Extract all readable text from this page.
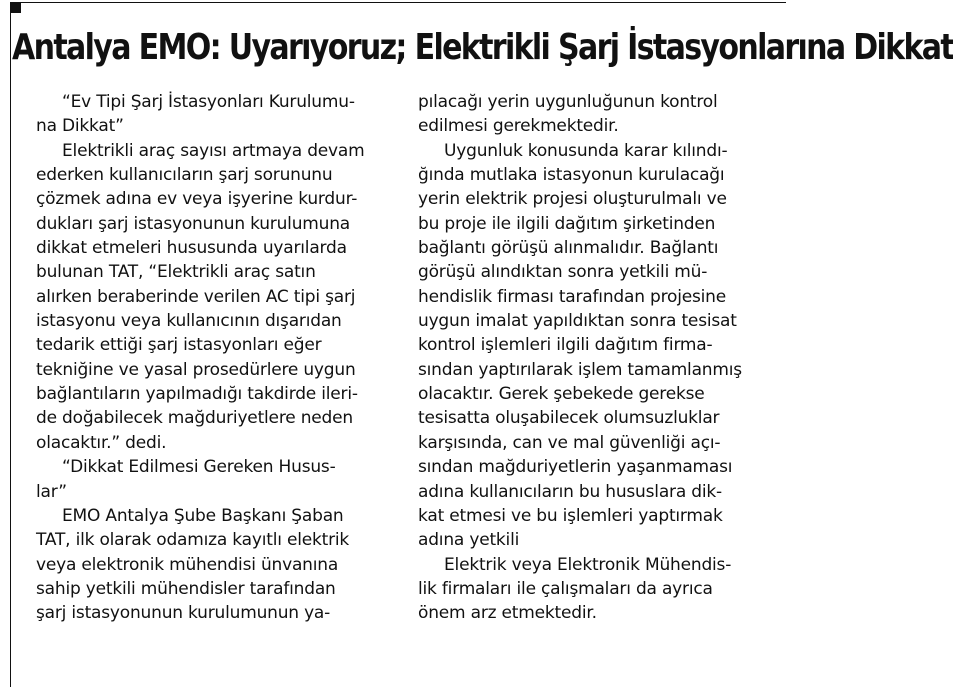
Antalya EMO: Uyarıyoruz; Elektrikli Şarj İstasyonlarına Dikkat
“Ev Tipi Şarj İstasyonları Kurulumu-
na Dikkat”
Elektrikli araç sayısı artmaya devam
ederken kullanıcıların şarj sorununu
çözmek adına ev veya işyerine kurdur-
dukları şarj istasyonunun kurulumuna
dikkat etmeleri hususunda uyarılarda
bulunan TAT, “Elektrikli araç satın
alırken beraberinde verilen AC tipi şarj
istasyonu veya kullanıcının dışarıdan
tedarik ettiği şarj istasyonları eğer
tekniğine ve yasal prosedürlere uygun
bağlantıların yapılmadığı takdirde ileri-
de doğabilecek mağduriyetlere neden
olacaktır.” dedi.
“Dikkat Edilmesi Gereken Husus-
lar”
EMO Antalya Şube Başkanı Şaban
TAT, ilk olarak odamıza kayıtlı elektrik
veya elektronik mühendisi ünvanına
sahip yetkili mühendisler tarafından
şarj istasyonunun kurulumunun ya-
pılacağı yerin uygunluğunun kontrol
edilmesi gerekmektedir.
Uygunluk konusunda karar kılındı-
ğında mutlaka istasyonun kurulacağı
yerin elektrik projesi oluşturulmalı ve
bu proje ile ilgili dağıtım şirketinden
bağlantı görüşü alınmalıdır. Bağlantı
görüşü alındıktan sonra yetkili mü-
hendislik firması tarafından projesine
uygun imalat yapıldıktan sonra tesisat
kontrol işlemleri ilgili dağıtım firma-
sından yaptırılarak işlem tamamlanmış
olacaktır. Gerek şebekede gerekse
tesisatta oluşabilecek olumsuzluklar
karşısında, can ve mal güvenliği açı-
sından mağduriyetlerin yaşanmaması
adına kullanıcıların bu hususlara dik-
kat etmesi ve bu işlemleri yaptırmak
adına yetkili
Elektrik veya Elektronik Mühendis-
lik firmaları ile çalışmaları da ayrıca
önem arz etmektedir.
